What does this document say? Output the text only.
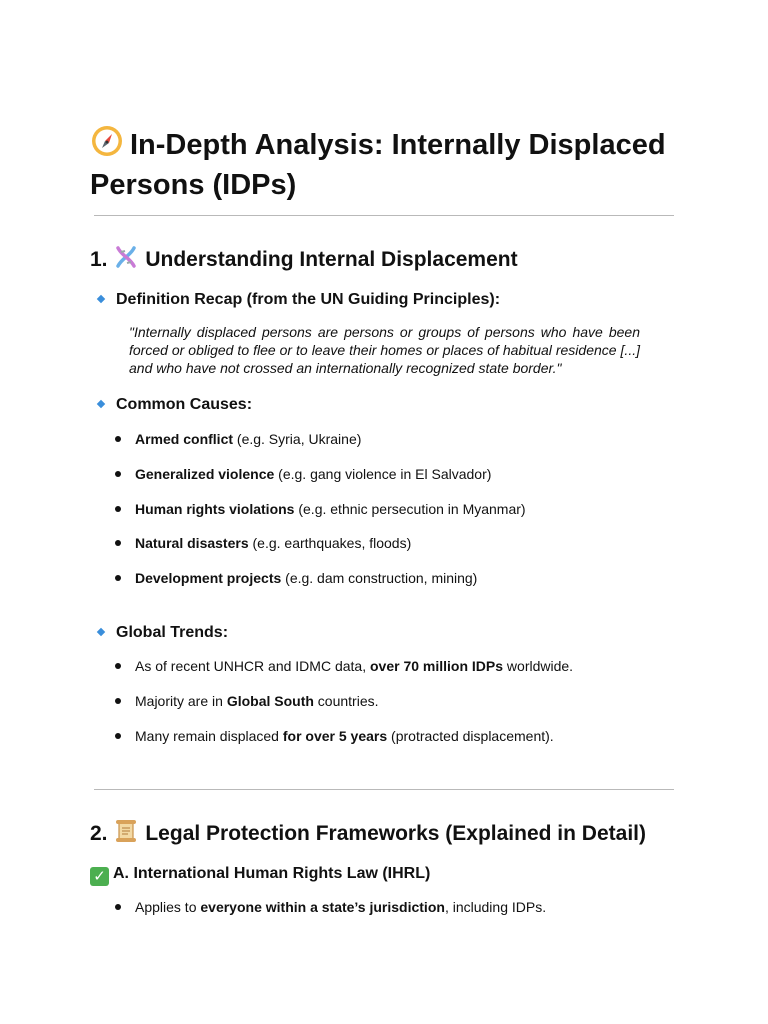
In-Depth Analysis: Internally Displaced Persons (IDPs)
1. Understanding Internal Displacement
Definition Recap (from the UN Guiding Principles):
"Internally displaced persons are persons or groups of persons who have been forced or obliged to flee or to leave their homes or places of habitual residence [...] and who have not crossed an internationally recognized state border."
Common Causes:
Armed conflict (e.g. Syria, Ukraine)
Generalized violence (e.g. gang violence in El Salvador)
Human rights violations (e.g. ethnic persecution in Myanmar)
Natural disasters (e.g. earthquakes, floods)
Development projects (e.g. dam construction, mining)
Global Trends:
As of recent UNHCR and IDMC data, over 70 million IDPs worldwide.
Majority are in Global South countries.
Many remain displaced for over 5 years (protracted displacement).
2. Legal Protection Frameworks (Explained in Detail)
✓ A. International Human Rights Law (IHRL)
Applies to everyone within a state’s jurisdiction, including IDPs.
